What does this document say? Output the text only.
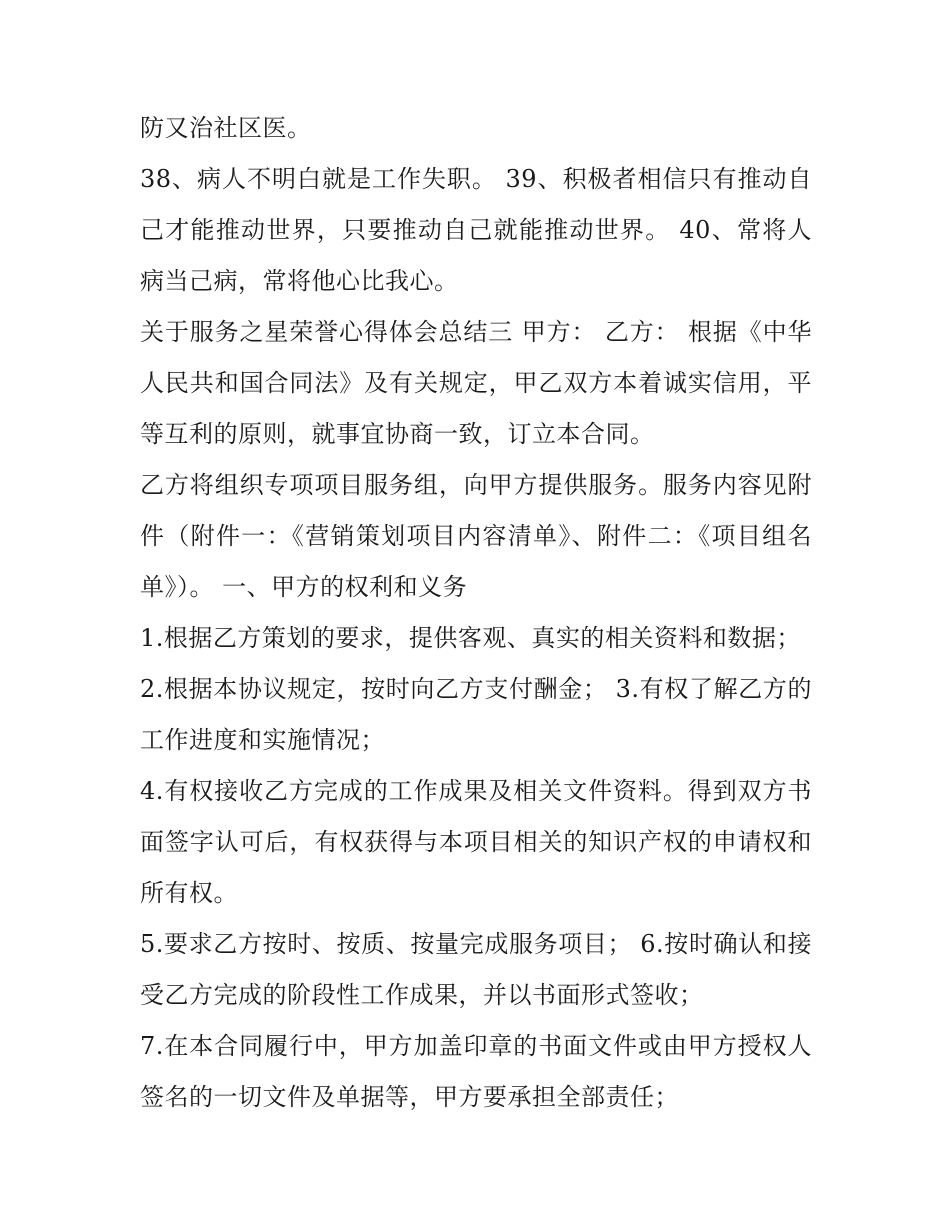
防又治社区医。

38、病人不明白就是工作失职。 39、积极者相信只有推动自己才能推动世界，只要推动自己就能推动世界。 40、常将人病当己病，常将他心比我心。

关于服务之星荣誉心得体会总结三 甲方： 乙方： 根据《中华人民共和国合同法》及有关规定，甲乙双方本着诚实信用，平等互利的原则，就事宜协商一致，订立本合同。

乙方将组织专项项目服务组，向甲方提供服务。服务内容见附件（附件一：《营销策划项目内容清单》、附件二：《项目组名单》）。 一、甲方的权利和义务

1.根据乙方策划的要求，提供客观、真实的相关资料和数据；

2.根据本协议规定，按时向乙方支付酬金； 3.有权了解乙方的工作进度和实施情况；

4.有权接收乙方完成的工作成果及相关文件资料。得到双方书面签字认可后，有权获得与本项目相关的知识产权的申请权和所有权。

5.要求乙方按时、按质、按量完成服务项目； 6.按时确认和接受乙方完成的阶段性工作成果，并以书面形式签收；

7.在本合同履行中，甲方加盖印章的书面文件或由甲方授权人签名的一切文件及单据等，甲方要承担全部责任；
